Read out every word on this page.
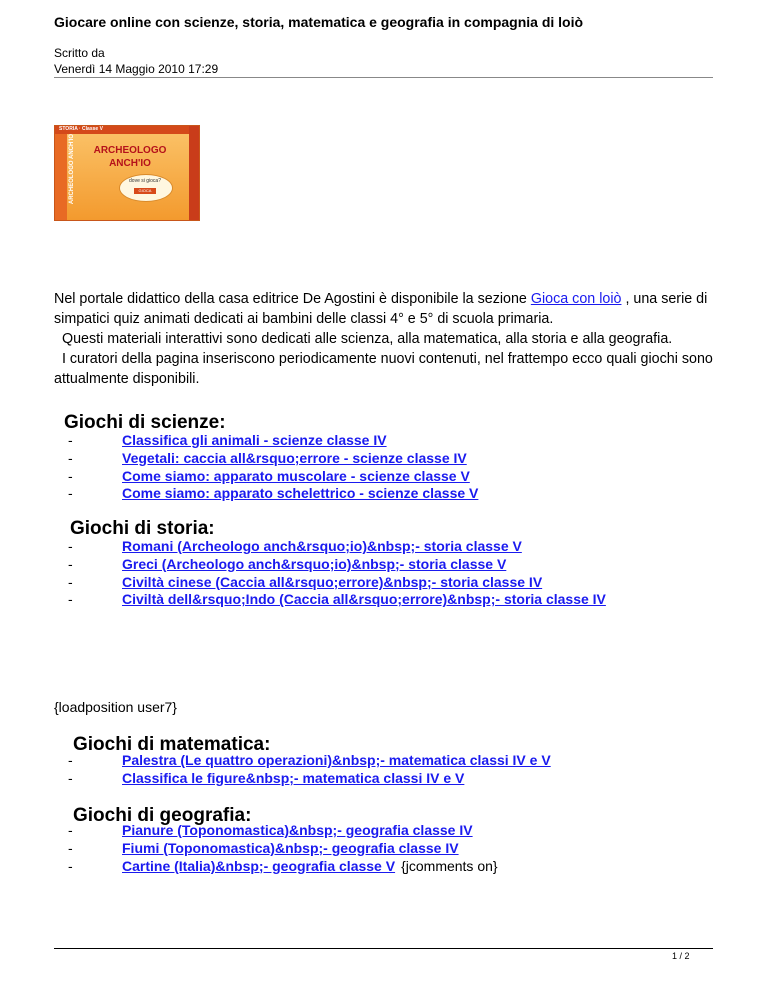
Giocare online con scienze, storia, matematica e geografia in compagnia di loiò
Scritto da
Venerdì 14 Maggio 2010 17:29
STORIA · Classe V
ARCHEOLOGO ANCH'IO	ARCHEOLOGO
ANCH'IO
dove si gioca?
GIOCA

Nel portale didattico della casa editrice De Agostini è disponibile la sezione Gioca con loiò , una serie di simpatici quiz animati dedicati ai bambini delle classi 4° e 5° di scuola primaria.

Questi materiali interattivi sono dedicati alle scienza, alla matematica, alla storia e alla geografia.

I curatori della pagina inseriscono periodicamente nuovi contenuti, nel frattempo ecco quali giochi sono attualmente disponibili.

Giochi di scienze:
-	Classifica gli animali - scienze classe IV
-	Vegetali: caccia all&rsquo;errore - scienze classe IV
-	Come siamo: apparato muscolare - scienze classe V
-	Come siamo: apparato schelettrico - scienze classe V
Giochi di storia:
-	Romani (Archeologo anch&rsquo;io)&nbsp;- storia classe V
-	Greci (Archeologo anch&rsquo;io)&nbsp;- storia classe V
-	Civiltà cinese (Caccia all&rsquo;errore)&nbsp;- storia classe IV
-	Civiltà dell&rsquo;Indo (Caccia all&rsquo;errore)&nbsp;- storia classe IV
{loadposition user7}
Giochi di matematica:
-	Palestra (Le quattro operazioni)&nbsp;- matematica classi IV e V
-	Classifica le figure&nbsp;- matematica classi IV e V
Giochi di geografia:
-	Pianure (Toponomastica)&nbsp;- geografia classe IV
-	Fiumi (Toponomastica)&nbsp;- geografia classe IV
-	Cartine (Italia)&nbsp;- geografia classe V {jcomments on}
1 / 2
